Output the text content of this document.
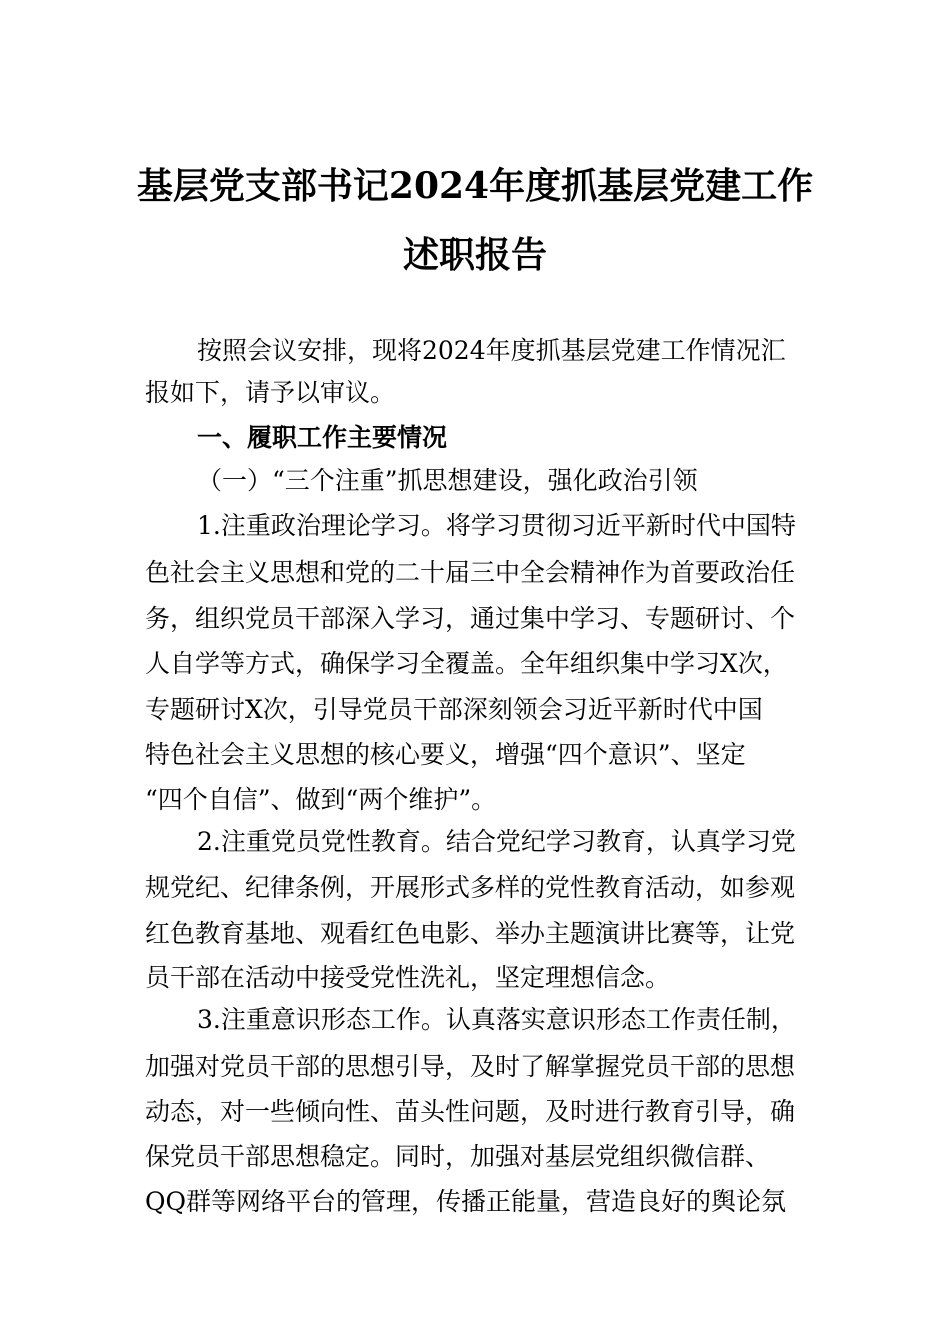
基层党支部书记2024年度抓基层党建工作
述职报告
按照会议安排，现将2024年度抓基层党建工作情况汇
报如下，请予以审议。
一、履职工作主要情况
（一）“三个注重”抓思想建设，强化政治引领
1.注重政治理论学习。将学习贯彻习近平新时代中国特
色社会主义思想和党的二十届三中全会精神作为首要政治任
务，组织党员干部深入学习，通过集中学习、专题研讨、个
人自学等方式，确保学习全覆盖。全年组织集中学习X次，
专题研讨X次，引导党员干部深刻领会习近平新时代中国
特色社会主义思想的核心要义，增强“四个意识”、坚定
“四个自信”、做到“两个维护”。
2.注重党员党性教育。结合党纪学习教育，认真学习党
规党纪、纪律条例，开展形式多样的党性教育活动，如参观
红色教育基地、观看红色电影、举办主题演讲比赛等，让党
员干部在活动中接受党性洗礼，坚定理想信念。
3.注重意识形态工作。认真落实意识形态工作责任制，
加强对党员干部的思想引导，及时了解掌握党员干部的思想
动态，对一些倾向性、苗头性问题，及时进行教育引导，确
保党员干部思想稳定。同时，加强对基层党组织微信群、
QQ群等网络平台的管理，传播正能量，营造良好的舆论氛
